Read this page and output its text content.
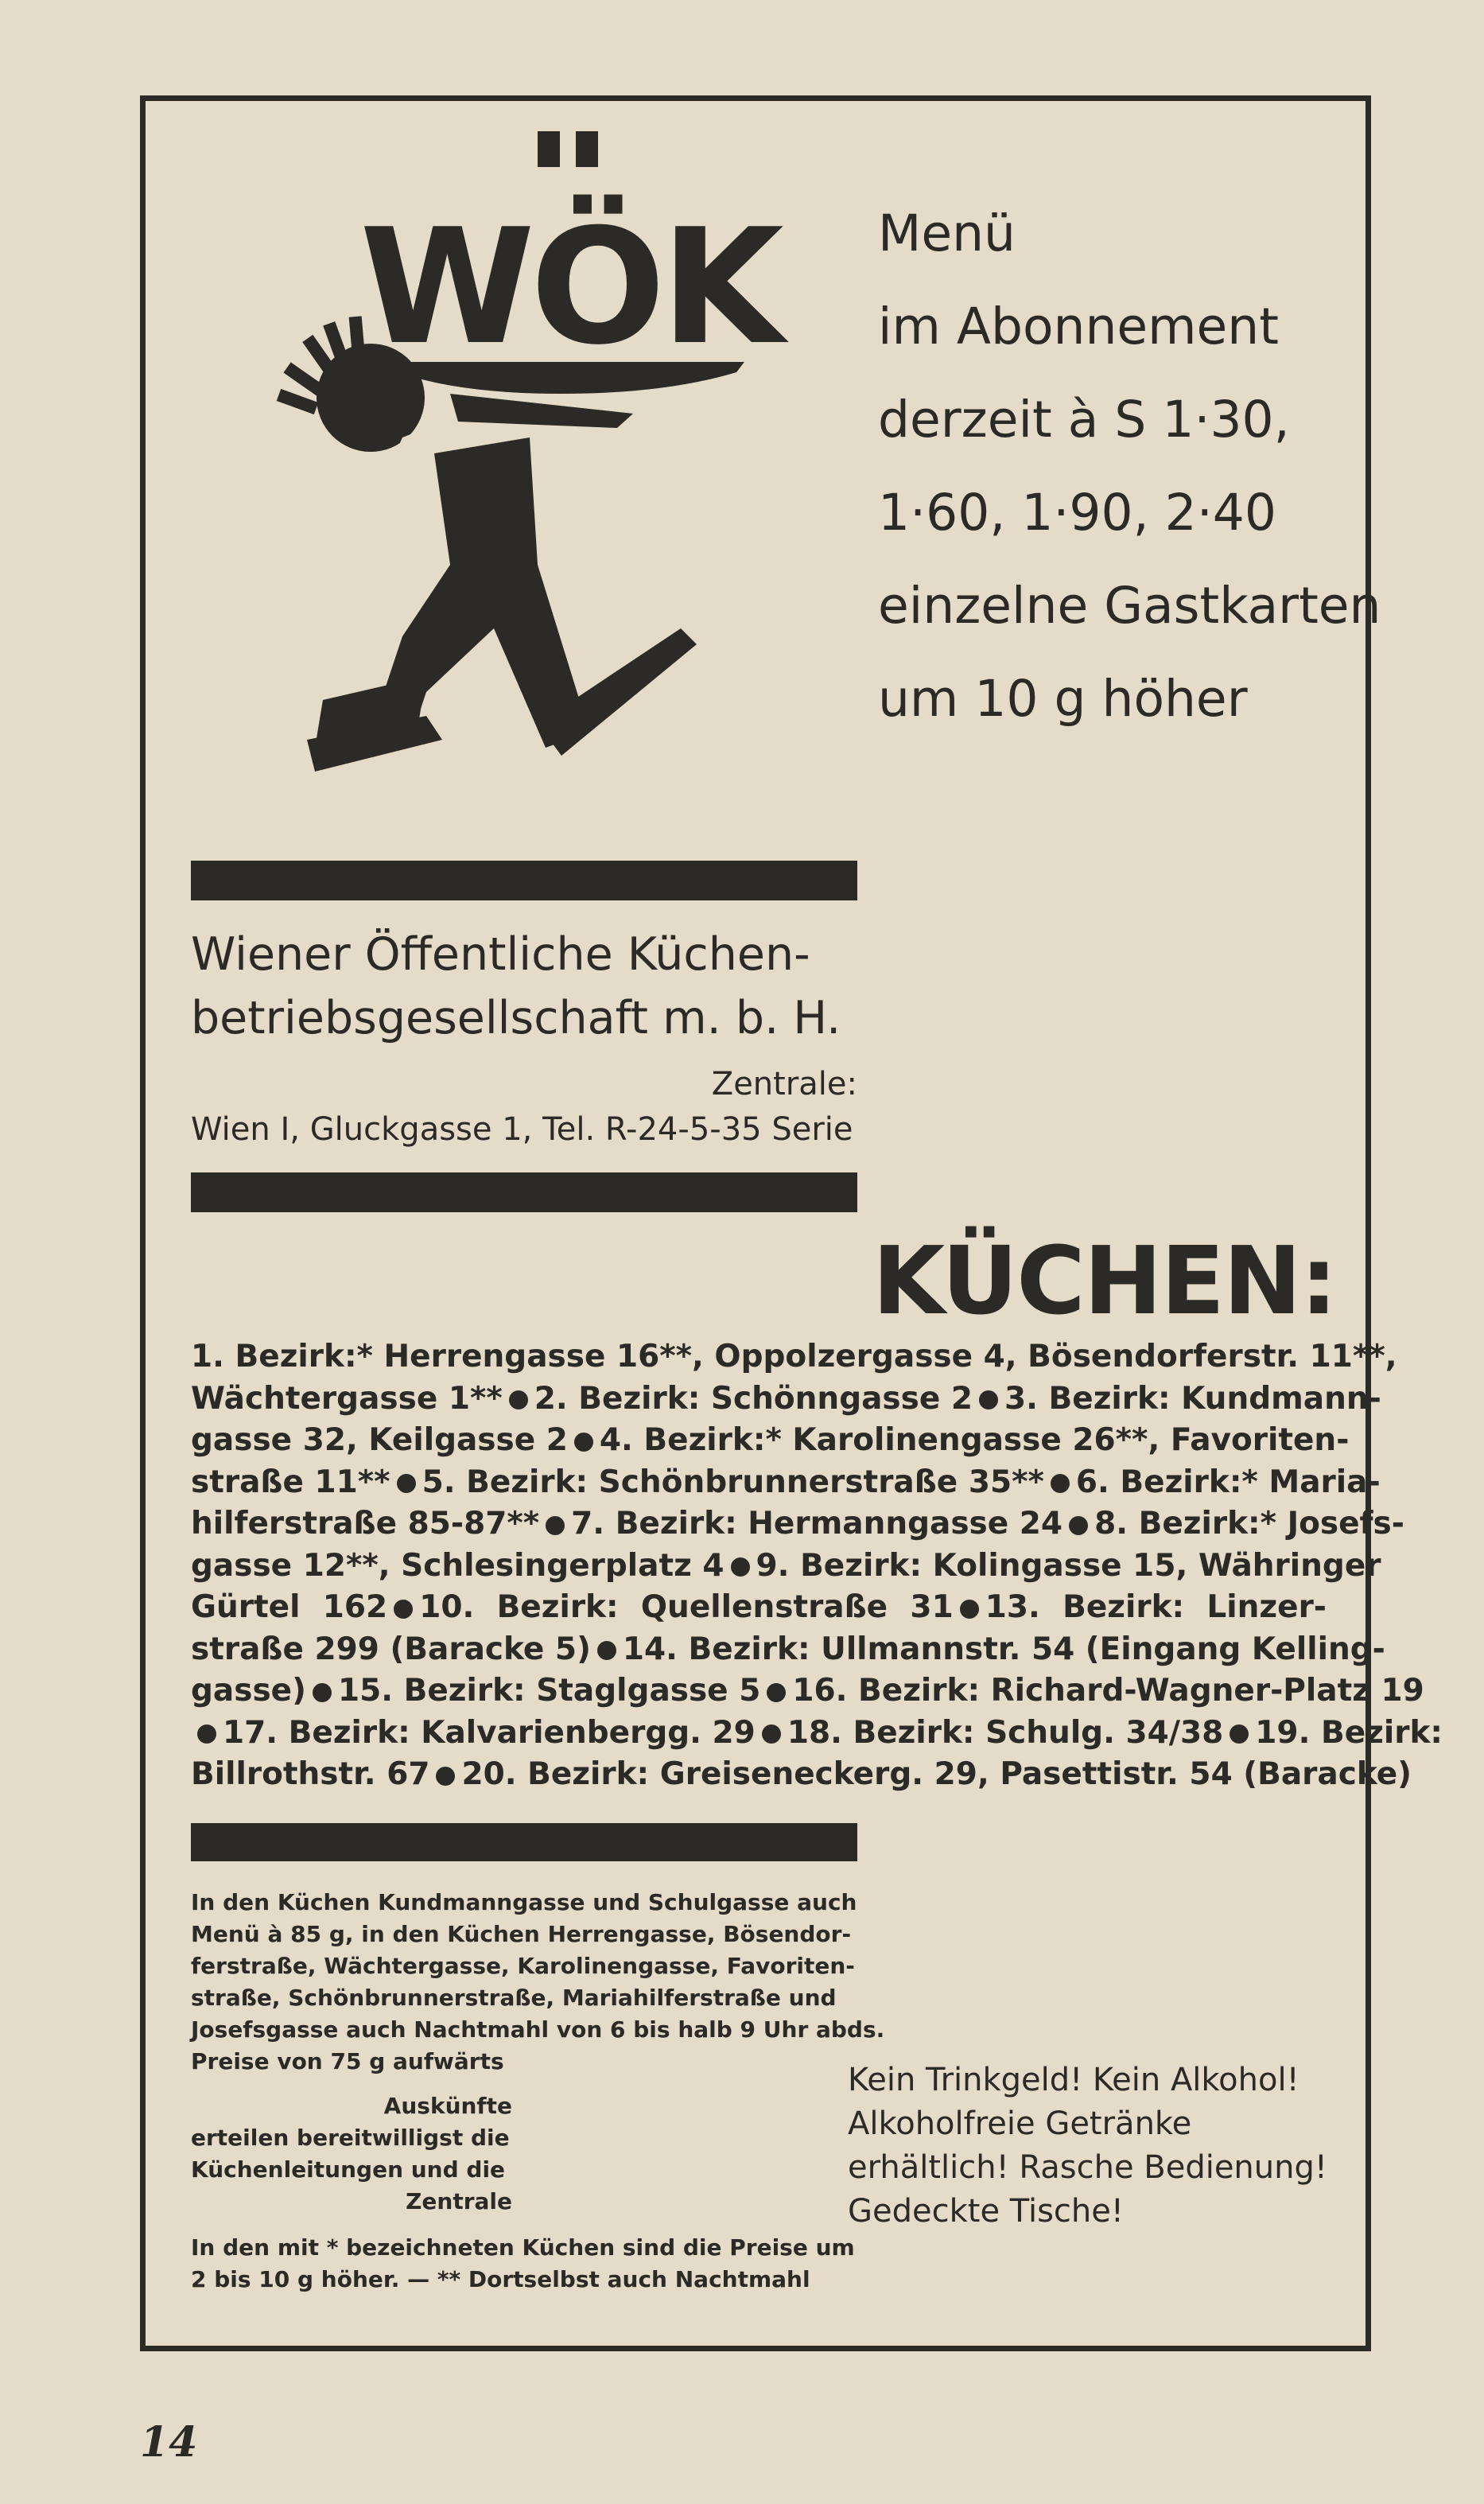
WÖK Menü
im Abonnement
derzeit à S 1·30,
1·60, 1·90, 2·40
einzelne Gastkarten
um 10 g höher
Wiener Öffentliche Küchen-
betriebsgesellschaft m. b. H.
Zentrale:
Wien I, Gluckgasse 1, Tel. R-24-5-35 Serie
KÜCHEN:
1. Bezirk:* Herrengasse 16**, Oppolzergasse 4, Bösendorferstr. 11**,
Wächtergasse 1** 2. Bezirk: Schönngasse 2 3. Bezirk: Kundmann-
gasse 32, Keilgasse 2 4. Bezirk:* Karolinengasse 26**, Favoriten-
straße 11** 5. Bezirk: Schönbrunnerstraße 35** 6. Bezirk:* Maria-
hilferstraße 85-87** 7. Bezirk: Hermanngasse 24 8. Bezirk:* Josefs-
gasse 12**, Schlesingerplatz 4 9. Bezirk: Kolingasse 15, Währinger
Gürtel 162 10. Bezirk: Quellenstraße 31 13. Bezirk: Linzer-
straße 299 (Baracke 5) 14. Bezirk: Ullmannstr. 54 (Eingang Kelling-
gasse) 15. Bezirk: Staglgasse 5 16. Bezirk: Richard-Wagner-Platz 19
17. Bezirk: Kalvarienbergg. 29 18. Bezirk: Schulg. 34/38 19. Bezirk:
Billrothstr. 67 20. Bezirk: Greiseneckerg. 29, Pasettistr. 54 (Baracke)
In den Küchen Kundmanngasse und Schulgasse auch
Menü à 85 g, in den Küchen Herrengasse, Bösendor-
ferstraße, Wächtergasse, Karolinengasse, Favoriten-
straße, Schönbrunnerstraße, Mariahilferstraße und
Josefsgasse auch Nachtmahl von 6 bis halb 9 Uhr abds.
Preise von 75 g aufwärts
Auskünfte
erteilen bereitwilligst die
Küchenleitungen und die
Zentrale
In den mit * bezeichneten Küchen sind die Preise um
2 bis 10 g höher. — ** Dortselbst auch Nachtmahl
Kein Trinkgeld! Kein Alkohol!
Alkoholfreie Getränke
erhältlich! Rasche Bedienung!
Gedeckte Tische!
14
